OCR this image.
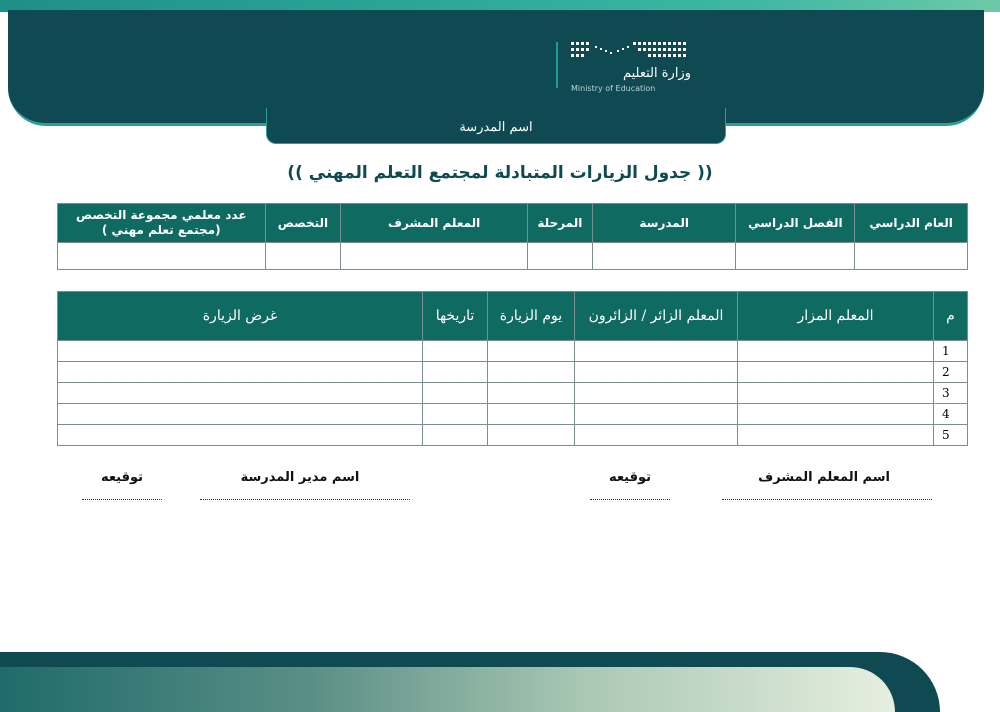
وزارة التعليم
Ministry of Education
اسم المدرسة
(( جدول الزيارات المتبادلة لمجتمع التعلم المهني ))
العام الدراسي	الفصل الدراسي	المدرسة	المرحلة	المعلم المشرف	التخصص	عدد معلمي مجموعة التخصص (مجتمع تعلم مهني )

م	المعلم المزار	المعلم الزائر / الزائرون	يوم الزيارة	تاريخها	غرض الزيارة
1					
2					
3					
4					
5					
اسم المعلم المشرف
توقيعه
اسم مدير المدرسة
توقيعه
